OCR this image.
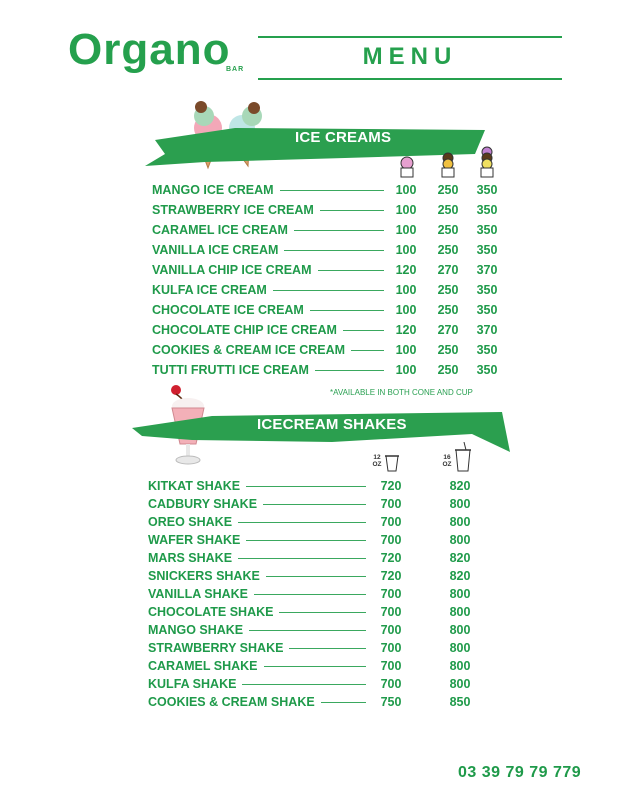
Organo
BAR	MENU
ICE CREAMS
MANGO ICE CREAM	100	250	350
STRAWBERRY ICE CREAM	100	250	350
CARAMEL ICE CREAM	100	250	350
VANILLA ICE CREAM	100	250	350
VANILLA CHIP ICE CREAM	120	270	370
KULFA ICE CREAM	100	250	350
CHOCOLATE ICE CREAM	100	250	350
CHOCOLATE CHIP ICE CREAM	120	270	370
COOKIES & CREAM ICE CREAM	100	250	350
TUTTI FRUTTI ICE CREAM	100	250	350
*AVAILABLE IN BOTH CONE AND CUP
ICECREAM SHAKES
12
OZ
16
OZ
KITKAT SHAKE	720	820
CADBURY SHAKE	700	800
OREO SHAKE	700	800
WAFER SHAKE	700	800
MARS SHAKE	720	820
SNICKERS SHAKE	720	820
VANILLA SHAKE	700	800
CHOCOLATE SHAKE	700	800
MANGO SHAKE	700	800
STRAWBERRY SHAKE	700	800
CARAMEL SHAKE	700	800
KULFA SHAKE	700	800
COOKIES & CREAM SHAKE	750	850
03 39 79 79 779
